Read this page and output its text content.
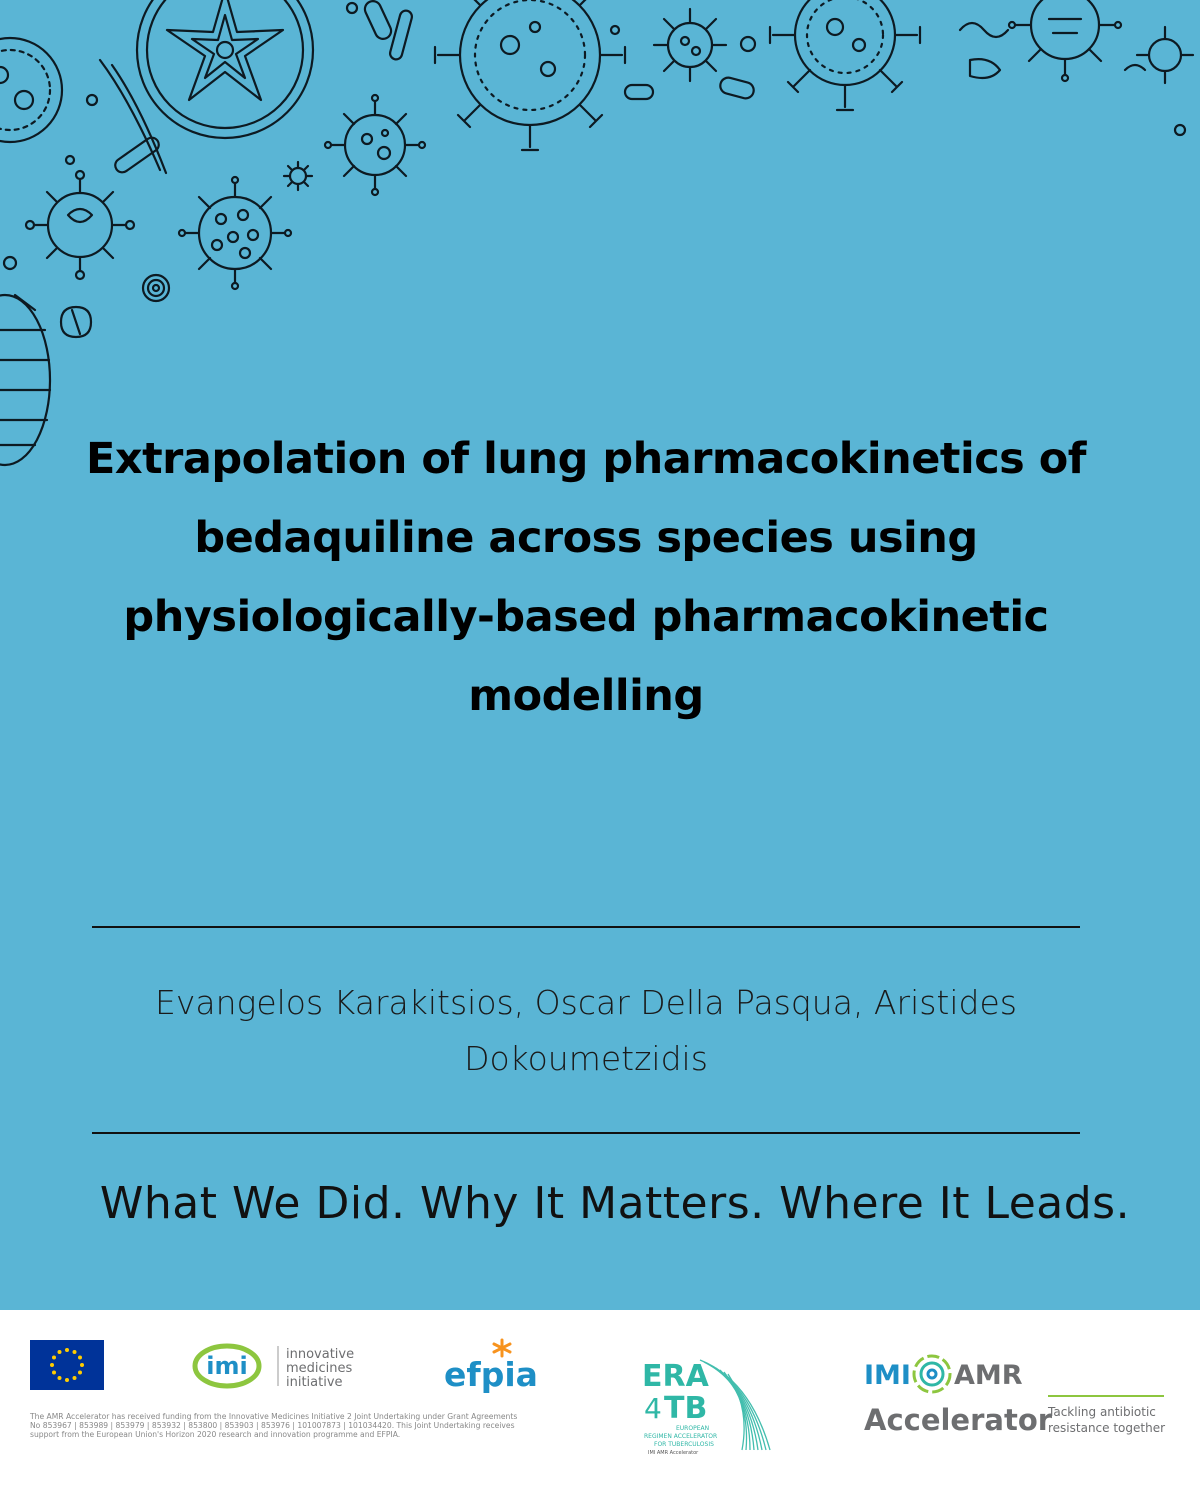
Extrapolation of lung pharmacokinetics of
bedaquiline across species using
physiologically-based pharmacokinetic
modelling
Evangelos Karakitsios, Oscar Della Pasqua, Aristides
Dokoumetzidis
What We Did. Why It Matters. Where It Leads.
imi	innovative
medicines
initiative	efpia
The AMR Accelerator has received funding from the Innovative Medicines Initiative 2 Joint Undertaking under Grant Agreements No 853967 | 853989 | 853979 | 853932 | 853800 | 853903 | 853976 | 101007873 | 101034420. This Joint Undertaking receives support from the European Union's Horizon 2020 research and innovation programme and EFPIA.
ERA
4 TB
EUROPEAN
REGIMEN ACCELERATOR
FOR TUBERCULOSIS
IMI AMR Accelerator
IMI AMR
Accelerator
Tackling antibiotic
resistance together
